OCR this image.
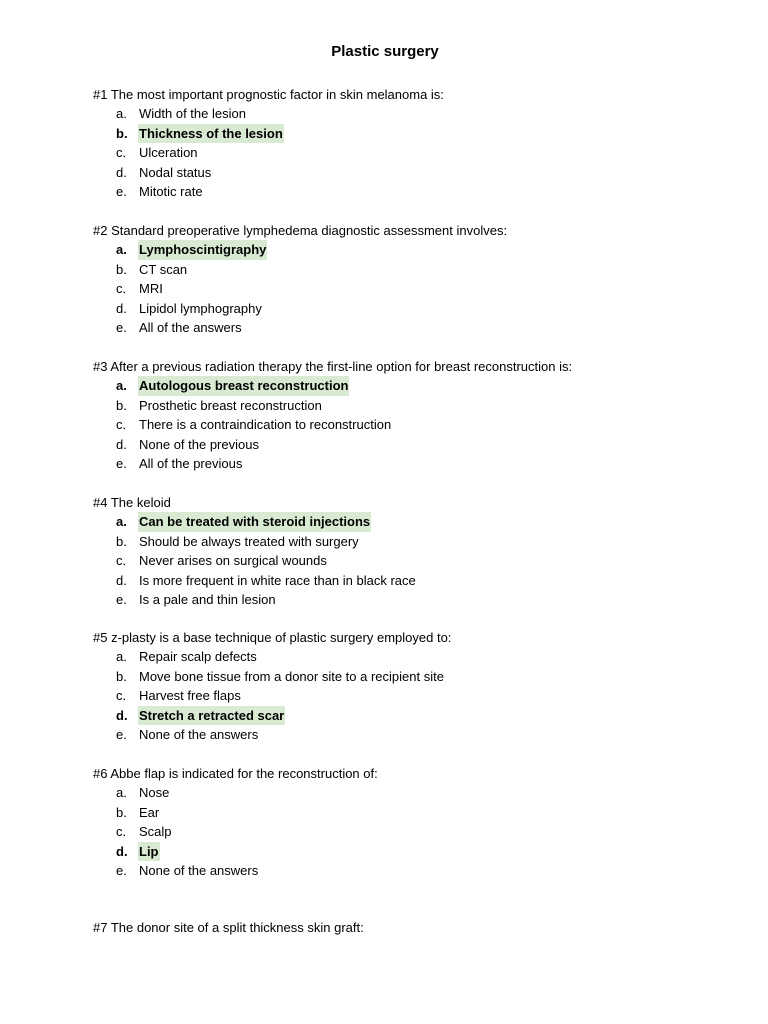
Plastic surgery
#1 The most important prognostic factor in skin melanoma is:
a. Width of the lesion
b. Thickness of the lesion
c. Ulceration
d. Nodal status
e. Mitotic rate
#2 Standard preoperative lymphedema diagnostic assessment involves:
a. Lymphoscintigraphy
b. CT scan
c. MRI
d. Lipidol lymphography
e. All of the answers
#3 After a previous radiation therapy the first-line option for breast reconstruction is:
a. Autologous breast reconstruction
b. Prosthetic breast reconstruction
c. There is a contraindication to reconstruction
d. None of the previous
e. All of the previous
#4 The keloid
a. Can be treated with steroid injections
b. Should be always treated with surgery
c. Never arises on surgical wounds
d. Is more frequent in white race than in black race
e. Is a pale and thin lesion
#5 z-plasty is a base technique of plastic surgery employed to:
a. Repair scalp defects
b. Move bone tissue from a donor site to a recipient site
c. Harvest free flaps
d. Stretch a retracted scar
e. None of the answers
#6 Abbe flap is indicated for the reconstruction of:
a. Nose
b. Ear
c. Scalp
d. Lip
e. None of the answers
#7 The donor site of a split thickness skin graft:
